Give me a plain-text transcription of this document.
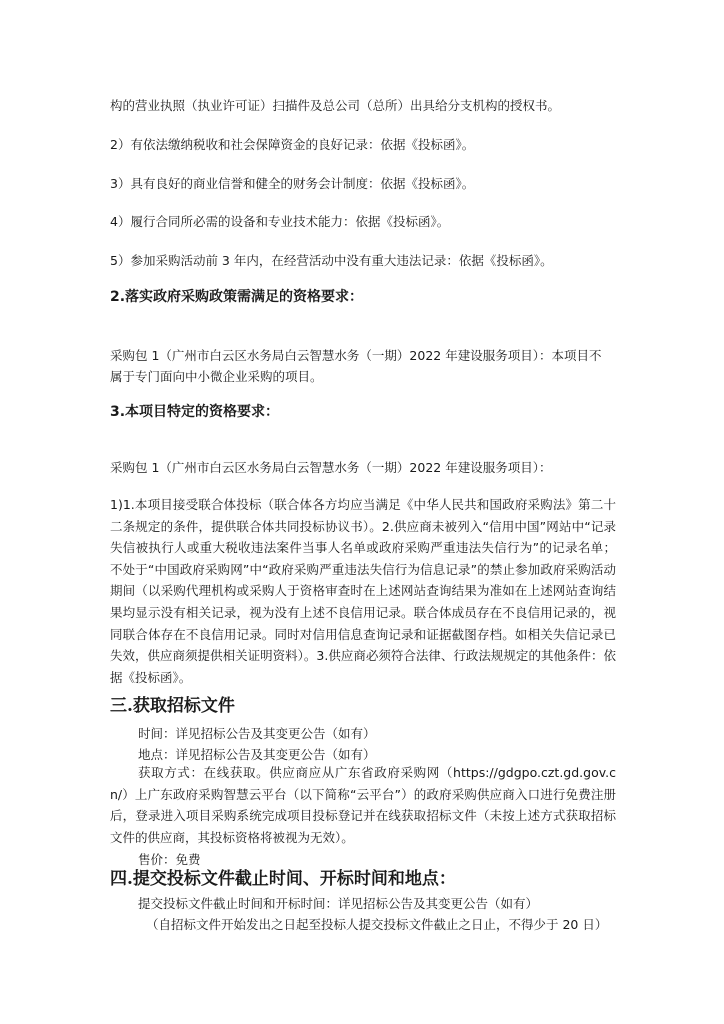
构的营业执照（执业许可证）扫描件及总公司（总所）出具给分支机构的授权书。

2）有依法缴纳税收和社会保障资金的良好记录：依据《投标函》。

3）具有良好的商业信誉和健全的财务会计制度：依据《投标函》。

4）履行合同所必需的设备和专业技术能力：依据《投标函》。

5）参加采购活动前 3 年内，在经营活动中没有重大违法记录：依据《投标函》。

2.落实政府采购政策需满足的资格要求：

采购包 1（广州市白云区水务局白云智慧水务（一期）2022 年建设服务项目）：本项目不

属于专门面向中小微企业采购的项目。

3.本项目特定的资格要求：

采购包 1（广州市白云区水务局白云智慧水务（一期）2022 年建设服务项目）：

1)1.本项目接受联合体投标（联合体各方均应当满足《中华人民共和国政府采购法》第二十二条规定的条件，提供联合体共同投标协议书）。2.供应商未被列入“信用中国”网站中“记录失信被执行人或重大税收违法案件当事人名单或政府采购严重违法失信行为”的记录名单；不处于“中国政府采购网”中“政府采购严重违法失信行为信息记录”的禁止参加政府采购活动期间（以采购代理机构或采购人于资格审查时在上述网站查询结果为准如在上述网站查询结果均显示没有相关记录，视为没有上述不良信用记录。联合体成员存在不良信用记录的，视同联合体存在不良信用记录。同时对信用信息查询记录和证据截图存档。如相关失信记录已失效，供应商须提供相关证明资料）。3.供应商必须符合法律、行政法规规定的其他条件：依据《投标函》。

三.获取招标文件

时间：详见招标公告及其变更公告（如有）

地点：详见招标公告及其变更公告（如有）

获取方式：在线获取。供应商应从广东省政府采购网（https://gdgpo.czt.gd.gov.cn/）上广东政府采购智慧云平台（以下简称“云平台”）的政府采购供应商入口进行免费注册后，登录进入项目采购系统完成项目投标登记并在线获取招标文件（未按上述方式获取招标文件的供应商，其投标资格将被视为无效）。

售价：免费

四.提交投标文件截止时间、开标时间和地点：

提交投标文件截止时间和开标时间：详见招标公告及其变更公告（如有）

（自招标文件开始发出之日起至投标人提交投标文件截止之日止，不得少于 20 日）
